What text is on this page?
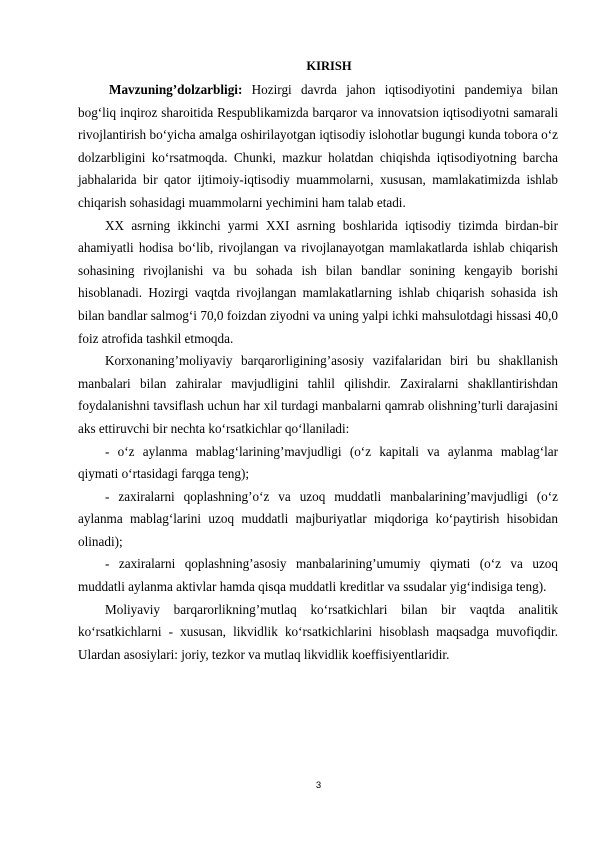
KIRISH

Mavzuning’dolzarbligi: Hozirgi davrda jahon iqtisodiyotini pandemiya bilan bog‘liq inqiroz sharoitida Respublikamizda barqaror va innovatsion iqtisodiyotni samarali rivojlantirish bo‘yicha amalga oshirilayotgan iqtisodiy islohotlar bugungi kunda tobora o‘z dolzarbligini ko‘rsatmoqda. Chunki, mazkur holatdan chiqishda iqtisodiyotning barcha jabhalarida bir qator ijtimoiy-iqtisodiy muammolarni, xususan, mamlakatimizda ishlab chiqarish sohasidagi muammolarni yechimini ham talab etadi.

XX asrning ikkinchi yarmi XXI asrning boshlarida iqtisodiy tizimda birdan-bir ahamiyatli hodisa bo‘lib, rivojlangan va rivojlanayotgan mamlakatlarda ishlab chiqarish sohasining rivojlanishi va bu sohada ish bilan bandlar sonining kengayib borishi hisoblanadi. Hozirgi vaqtda rivojlangan mamlakatlarning ishlab chiqarish sohasida ish bilan bandlar salmog‘i 70,0 foizdan ziyodni va uning yalpi ichki mahsulotdagi hissasi 40,0 foiz atrofida tashkil etmoqda.

Korxonaning’moliyaviy barqarorligining’asosiy vazifalaridan biri bu shakllanish manbalari bilan zahiralar mavjudligini tahlil qilishdir. Zaxiralarni shakllantirishdan foydalanishni tavsiflash uchun har xil turdagi manbalarni qamrab olishning’turli darajasini aks ettiruvchi bir nechta ko‘rsatkichlar qo‘llaniladi:

- o‘z aylanma mablag‘larining’mavjudligi (o‘z kapitali va aylanma mablag‘lar qiymati o‘rtasidagi farqga teng);

- zaxiralarni qoplashning’o‘z va uzoq muddatli manbalarining’mavjudligi (o‘z aylanma mablag‘larini uzoq muddatli majburiyatlar miqdoriga ko‘paytirish hisobidan olinadi);

- zaxiralarni qoplashning’asosiy manbalarining’umumiy qiymati (o‘z va uzoq muddatli aylanma aktivlar hamda qisqa muddatli kreditlar va ssudalar yig‘indisiga teng).

Moliyaviy barqarorlikning’mutlaq ko‘rsatkichlari bilan bir vaqtda analitik ko‘rsatkichlarni - xususan, likvidlik ko‘rsatkichlarini hisoblash maqsadga muvofiqdir. Ulardan asosiylari: joriy, tezkor va mutlaq likvidlik koeffisiyentlaridir.

3
